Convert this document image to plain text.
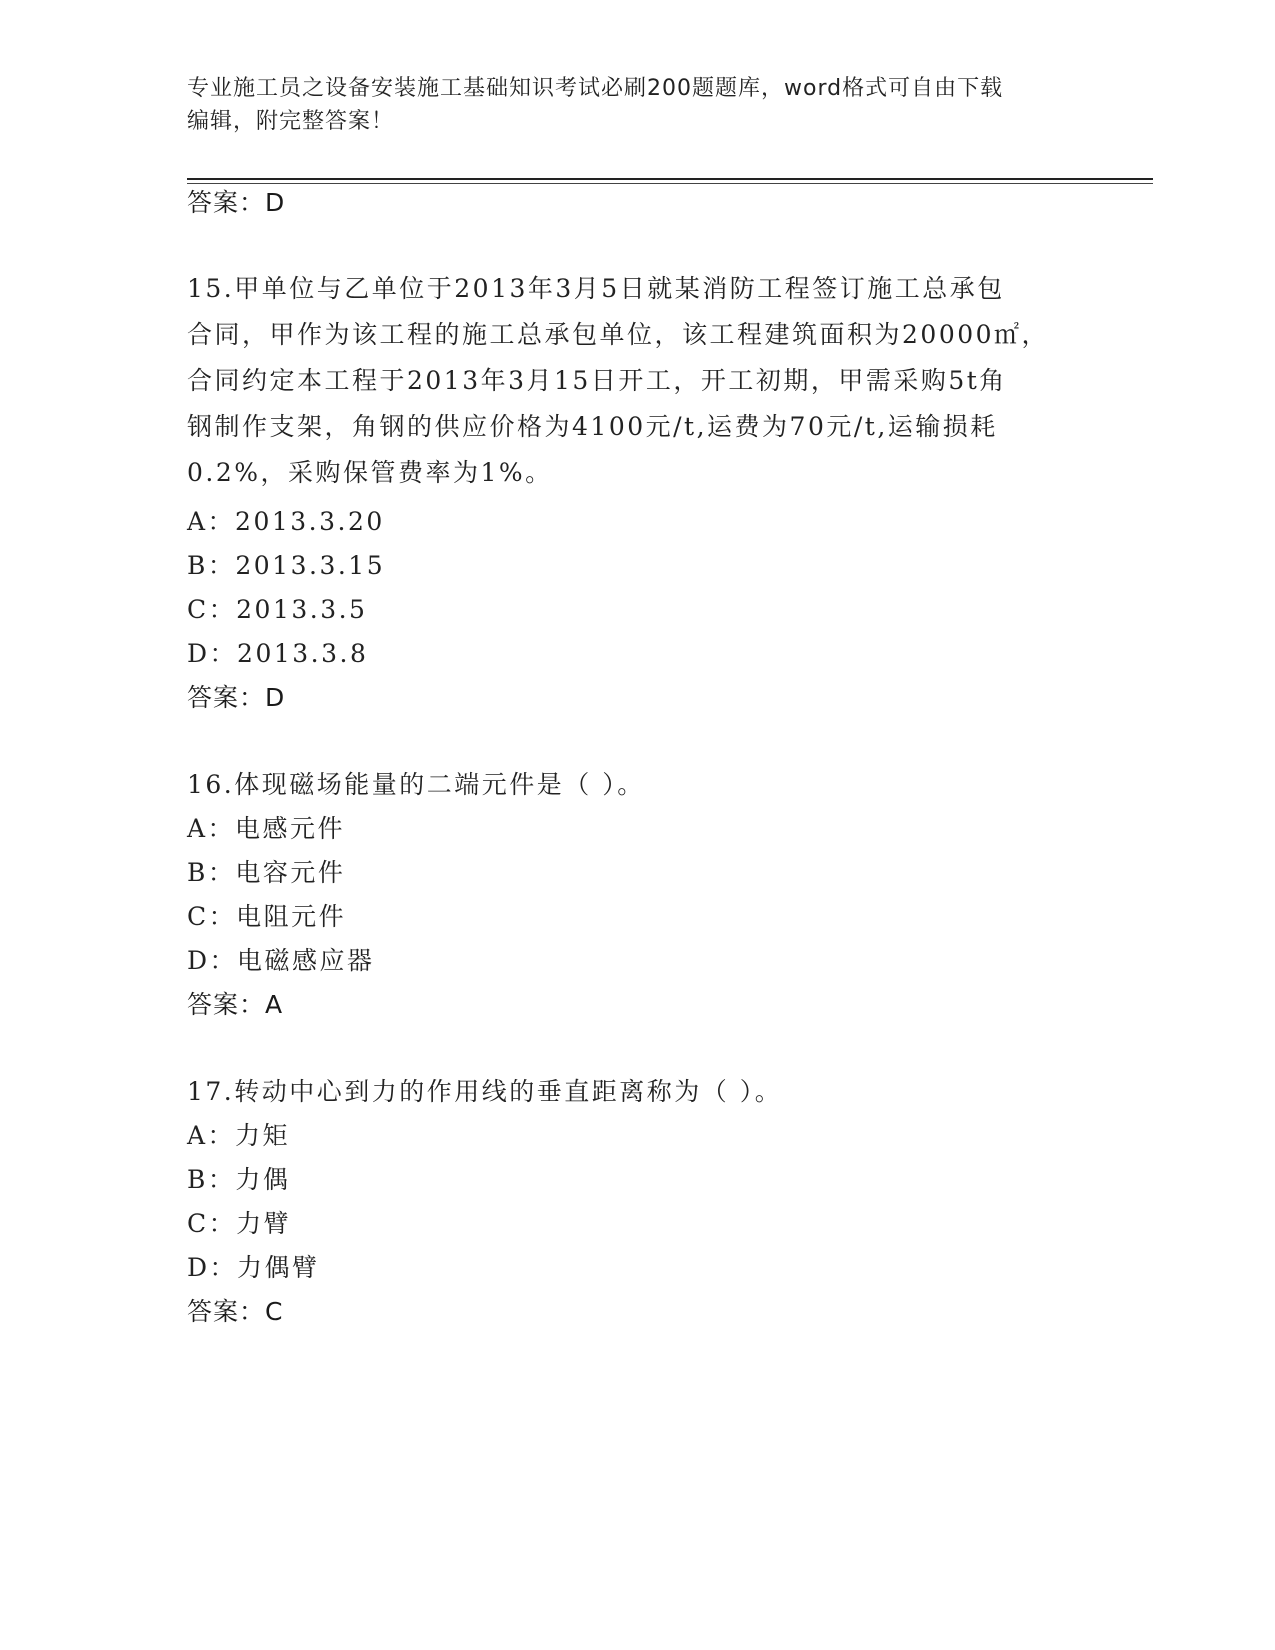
专业施工员之设备安装施工基础知识考试必刷200题题库，word格式可自由下载
编辑，附完整答案！
答案：D
15.甲单位与乙单位于2013年3月5日就某消防工程签订施工总承包
合同，甲作为该工程的施工总承包单位，该工程建筑面积为20000㎡，
合同约定本工程于2013年3月15日开工，开工初期，甲需采购5t角
钢制作支架，角钢的供应价格为4100元/t,运费为70元/t,运输损耗
0.2%，采购保管费率为1%。
A：2013.3.20
B：2013.3.15
C：2013.3.5
D：2013.3.8
答案：D
16.体现磁场能量的二端元件是（ ）。
A：电感元件
B：电容元件
C：电阻元件
D：电磁感应器
答案：A
17.转动中心到力的作用线的垂直距离称为（ ）。
A：力矩
B：力偶
C：力臂
D：力偶臂
答案：C
